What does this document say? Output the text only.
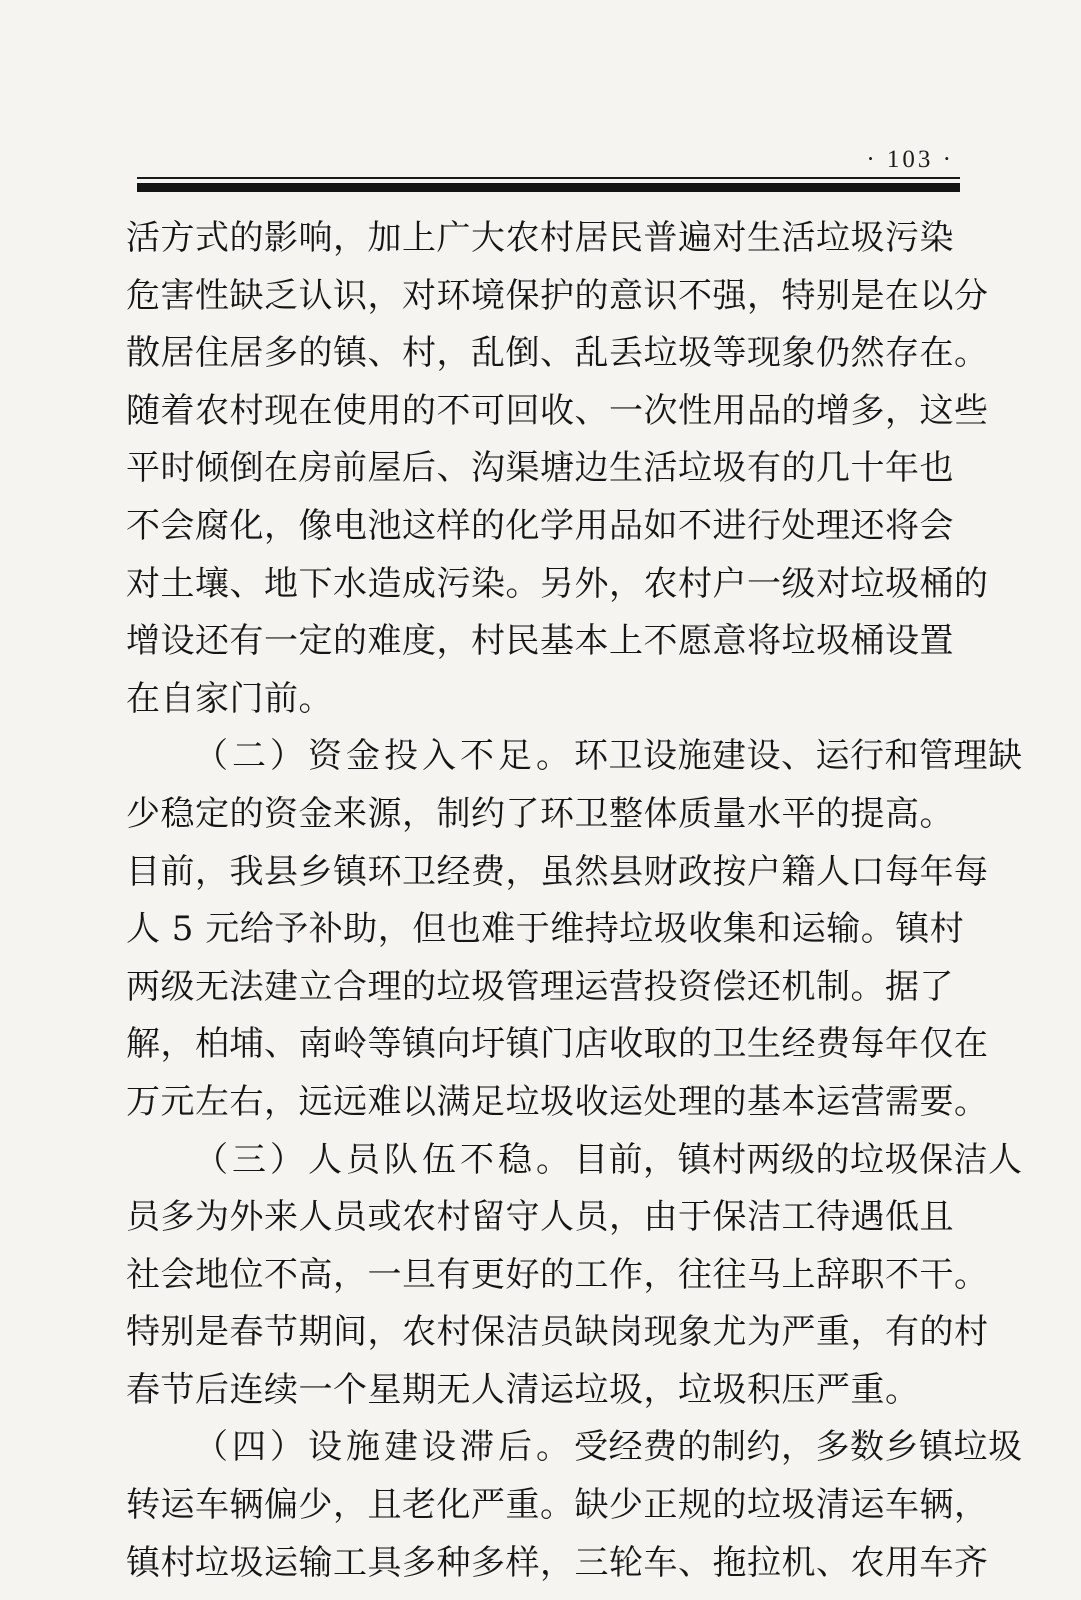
· 103 ·
活方式的影响，加上广大农村居民普遍对生活垃圾污染
危害性缺乏认识，对环境保护的意识不强，特别是在以分
散居住居多的镇、村，乱倒、乱丢垃圾等现象仍然存在。
随着农村现在使用的不可回收、一次性用品的增多，这些
平时倾倒在房前屋后、沟渠塘边生活垃圾有的几十年也
不会腐化，像电池这样的化学用品如不进行处理还将会
对土壤、地下水造成污染。另外，农村户一级对垃圾桶的
增设还有一定的难度，村民基本上不愿意将垃圾桶设置
在自家门前。
（二）资金投入不足。环卫设施建设、运行和管理缺
少稳定的资金来源，制约了环卫整体质量水平的提高。
目前，我县乡镇环卫经费，虽然县财政按户籍人口每年每
人 5 元给予补助，但也难于维持垃圾收集和运输。镇村
两级无法建立合理的垃圾管理运营投资偿还机制。据了
解，柏埔、南岭等镇向圩镇门店收取的卫生经费每年仅在
万元左右，远远难以满足垃圾收运处理的基本运营需要。
（三）人员队伍不稳。目前，镇村两级的垃圾保洁人
员多为外来人员或农村留守人员，由于保洁工待遇低且
社会地位不高，一旦有更好的工作，往往马上辞职不干。
特别是春节期间，农村保洁员缺岗现象尤为严重，有的村
春节后连续一个星期无人清运垃圾，垃圾积压严重。
（四）设施建设滞后。受经费的制约，多数乡镇垃圾
转运车辆偏少，且老化严重。缺少正规的垃圾清运车辆，
镇村垃圾运输工具多种多样，三轮车、拖拉机、农用车齐
